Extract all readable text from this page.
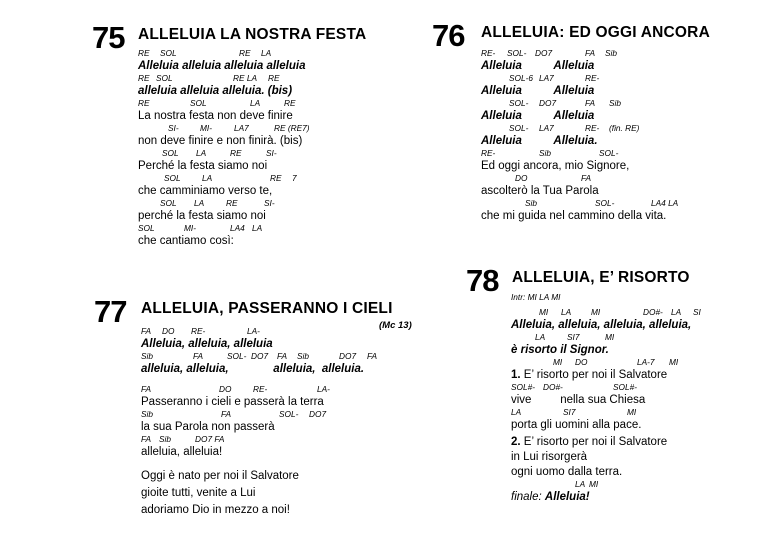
75 ALLELUIA LA NOSTRA FESTA
RE SOL	RE LA
Alleluia alleluia alleluia alleluia
RE SOL	RE LA RE
alleluia alleluia alleluia. (bis)
RE	SOL	LA	RE
La nostra festa non deve finire
SI-	MI-	LA7	RE (RE7)
non deve finire e non finirà. (bis)
SOL LA	RE	SI-
Perché la festa siamo noi
SOL	LA	RE 7
che camminiamo verso te,
SOL LA	RE	SI-
perché la festa siamo noi
SOL	MI-	LA4 LA
che cantiamo così:
76 ALLELUIA: ED OGGI ANCORA
RE- SOL- DO7	FA Sib
Alleluia          Alleluia
SOL-6 LA7	RE-
Alleluia          Alleluia
SOL- DO7	FA Sib
Alleluia          Alleluia
SOL- LA7	RE- (fin. RE)
Alleluia          Alleluia.
RE-	Sib	SOL-
Ed oggi ancora, mio Signore,
DO	FA
ascolterò la Tua Parola
Sib	SOL-	LA4 LA
che mi guida nel cammino della vita.
77 ALLELUIA, PASSERANNO I CIELI
(Mc 13)
FA DO RE-	LA-
Alleluia, alleluia, alleluia
Sib	FA	SOL- DO7 FA Sib	DO7 FA
alleluia, alleluia,              alleluia,  alleluia.
FA	DO	RE-	LA-
Passeranno i cieli e passerà la terra
Sib	FA	SOL- DO7
la sua Parola non passerà
FA Sib	DO7 FA
alleluia, alleluia!
Oggi è nato per noi il Salvatore
gioite tutti, venite a Lui
adoriamo Dio in mezzo a noi!
78 ALLELUIA, E’ RISORTO
Intr: MI LA MI
MI LA MI	DO#- LA SI
Alleluia, alleluia, alleluia, alleluia,
LA	SI7	MI
è risorto il Signor.
MI DO	LA-7 MI
1. E’ risorto per noi il Salvatore
SOL#- DO#-	SOL#-
vive         nella sua Chiesa
LA	SI7	MI
porta gli uomini alla pace.
2. E’ risorto per noi il Salvatore
in Lui risorgerà
ogni uomo dalla terra.
LA MI
finale: Alleluia!
